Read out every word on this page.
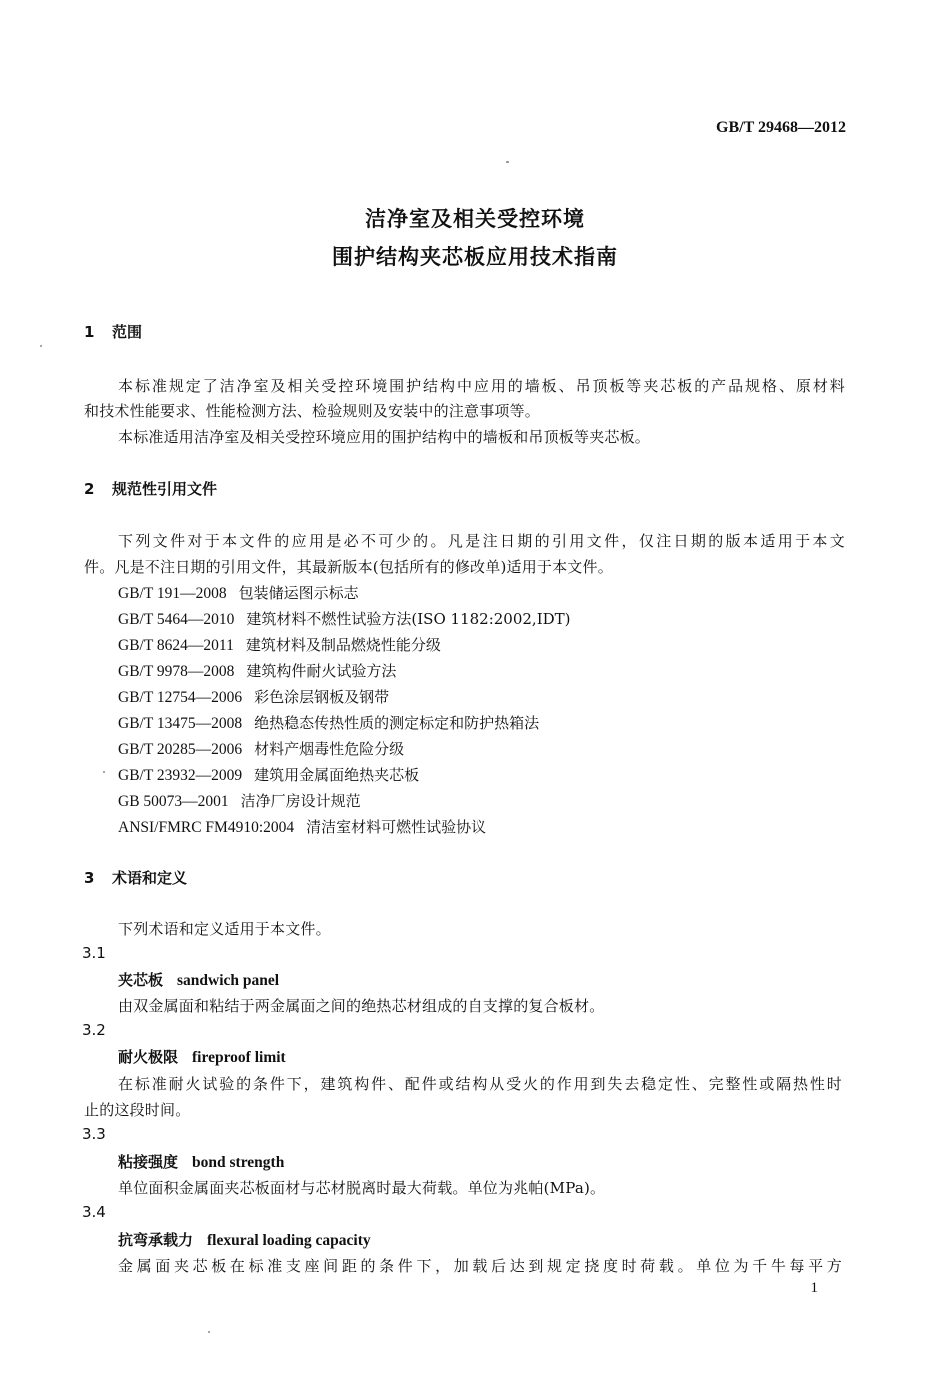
GB/T 29468—2012
洁净室及相关受控环境
围护结构夹芯板应用技术指南
1 范围
本标准规定了洁净室及相关受控环境围护结构中应用的墙板、吊顶板等夹芯板的产品规格、原材料
和技术性能要求、性能检测方法、检验规则及安装中的注意事项等。
本标准适用洁净室及相关受控环境应用的围护结构中的墙板和吊顶板等夹芯板。
2 规范性引用文件
下列文件对于本文件的应用是必不可少的。凡是注日期的引用文件，仅注日期的版本适用于本文
件。凡是不注日期的引用文件，其最新版本(包括所有的修改单)适用于本文件。
GB/T 191—2008 包装储运图示标志
GB/T 5464—2010 建筑材料不燃性试验方法(ISO 1182:2002,IDT)
GB/T 8624—2011 建筑材料及制品燃烧性能分级
GB/T 9978—2008 建筑构件耐火试验方法
GB/T 12754—2006 彩色涂层钢板及钢带
GB/T 13475—2008 绝热稳态传热性质的测定标定和防护热箱法
GB/T 20285—2006 材料产烟毒性危险分级
GB/T 23932—2009 建筑用金属面绝热夹芯板
GB 50073—2001 洁净厂房设计规范
ANSI/FMRC FM4910:2004 清洁室材料可燃性试验协议
3 术语和定义
下列术语和定义适用于本文件。
3.1
夹芯板 sandwich panel
由双金属面和粘结于两金属面之间的绝热芯材组成的自支撑的复合板材。
3.2
耐火极限 fireproof limit
在标准耐火试验的条件下，建筑构件、配件或结构从受火的作用到失去稳定性、完整性或隔热性时
止的这段时间。
3.3
粘接强度 bond strength
单位面积金属面夹芯板面材与芯材脱离时最大荷载。单位为兆帕(MPa)。
3.4
抗弯承载力 flexural loading capacity
金属面夹芯板在标准支座间距的条件下，加载后达到规定挠度时荷载。单位为千牛每平方
1
